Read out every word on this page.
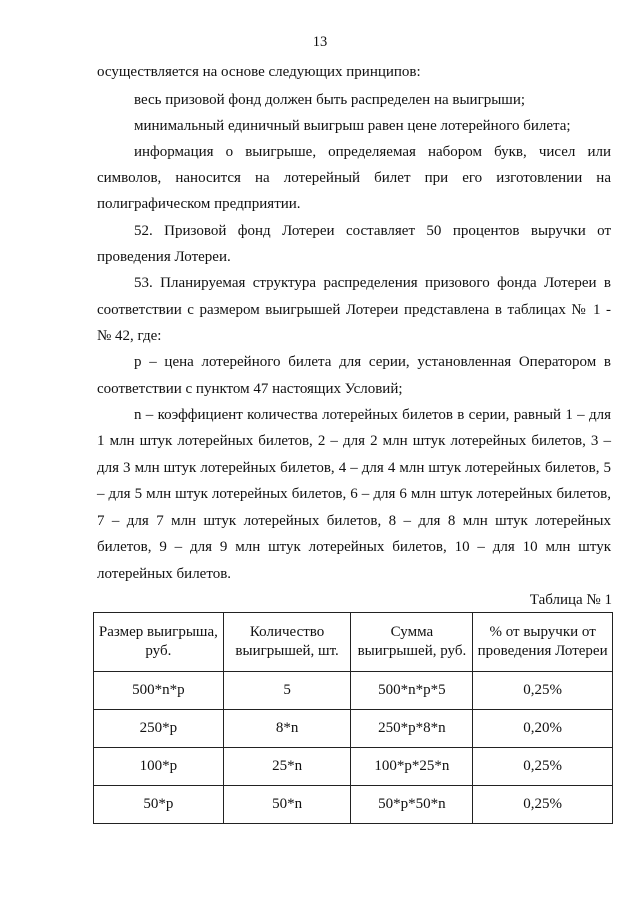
13
осуществляется на основе следующих принципов:
весь призовой фонд должен быть распределен на выигрыши;
минимальный единичный выигрыш равен цене лотерейного билета;
информация о выигрыше, определяемая набором букв, чисел или
символов, наносится на лотерейный билет при его изготовлении на
полиграфическом предприятии.
52. Призовой фонд Лотереи составляет 50 процентов выручки от
проведения Лотереи.
53. Планируемая структура распределения призового фонда Лотереи в
соответствии с размером выигрышей Лотереи представлена в таблицах № 1 -
№ 42, где:
p – цена лотерейного билета для серии, установленная Оператором в
соответствии с пунктом 47 настоящих Условий;
n – коэффициент количества лотерейных билетов в серии, равный 1 – для
1 млн штук лотерейных билетов, 2 – для 2 млн штук лотерейных билетов, 3 –
для 3 млн штук лотерейных билетов, 4 – для 4 млн штук лотерейных билетов, 5
– для 5 млн штук лотерейных билетов, 6 – для 6 млн штук лотерейных билетов,
7 – для 7 млн штук лотерейных билетов, 8 – для 8 млн штук лотерейных
билетов, 9 – для 9 млн штук лотерейных билетов, 10 – для 10 млн штук
лотерейных билетов.
Таблица № 1
Размер выигрыша, руб.	Количество выигрышей, шт.	Сумма выигрышей, руб.	% от выручки от проведения Лотереи
500*n*p	5	500*n*p*5	0,25%
250*p	8*n	250*p*8*n	0,20%
100*p	25*n	100*p*25*n	0,25%
50*p	50*n	50*p*50*n	0,25%
